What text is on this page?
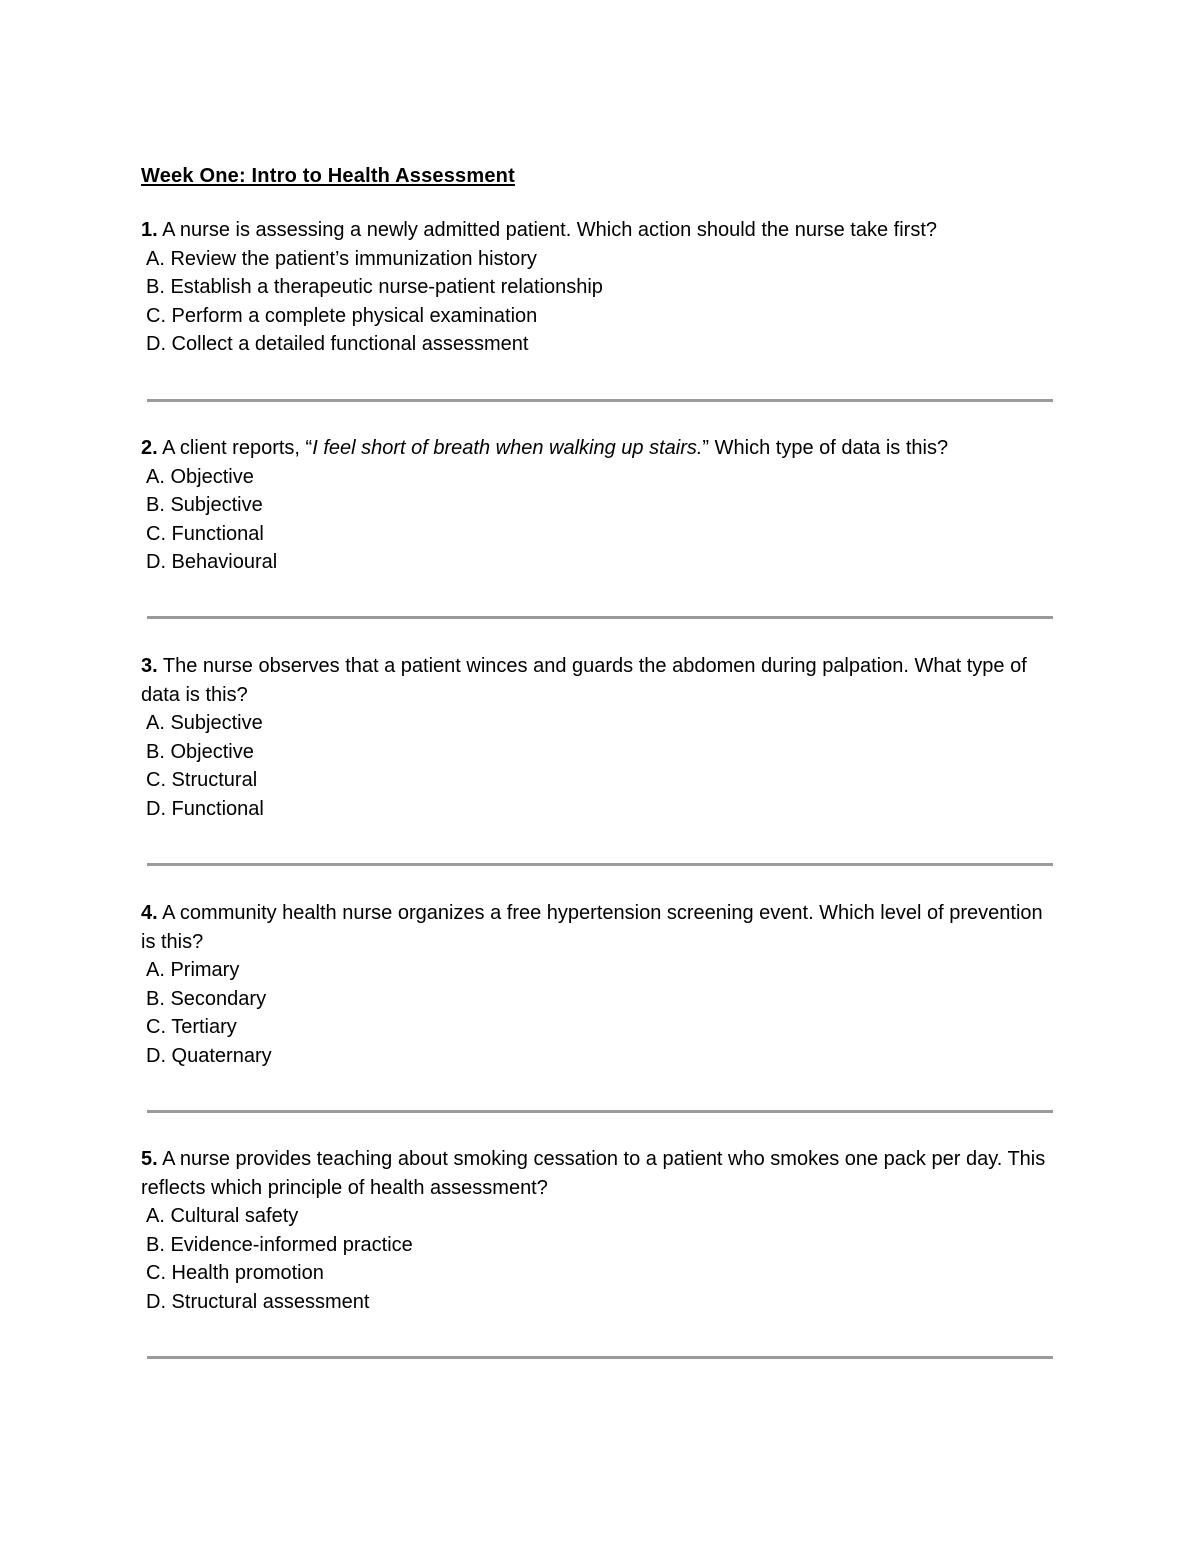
Week One: Intro to Health Assessment

1. A nurse is assessing a newly admitted patient. Which action should the nurse take first?

A. Review the patient’s immunization history
B. Establish a therapeutic nurse-patient relationship
C. Perform a complete physical examination
D. Collect a detailed functional assessment

2. A client reports, “I feel short of breath when walking up stairs.” Which type of data is this?

A. Objective
B. Subjective
C. Functional
D. Behavioural

3. The nurse observes that a patient winces and guards the abdomen during palpation. What type of data is this?

A. Subjective
B. Objective
C. Structural
D. Functional

4. A community health nurse organizes a free hypertension screening event. Which level of prevention is this?

A. Primary
B. Secondary
C. Tertiary
D. Quaternary

5. A nurse provides teaching about smoking cessation to a patient who smokes one pack per day. This reflects which principle of health assessment?

A. Cultural safety
B. Evidence-informed practice
C. Health promotion
D. Structural assessment
